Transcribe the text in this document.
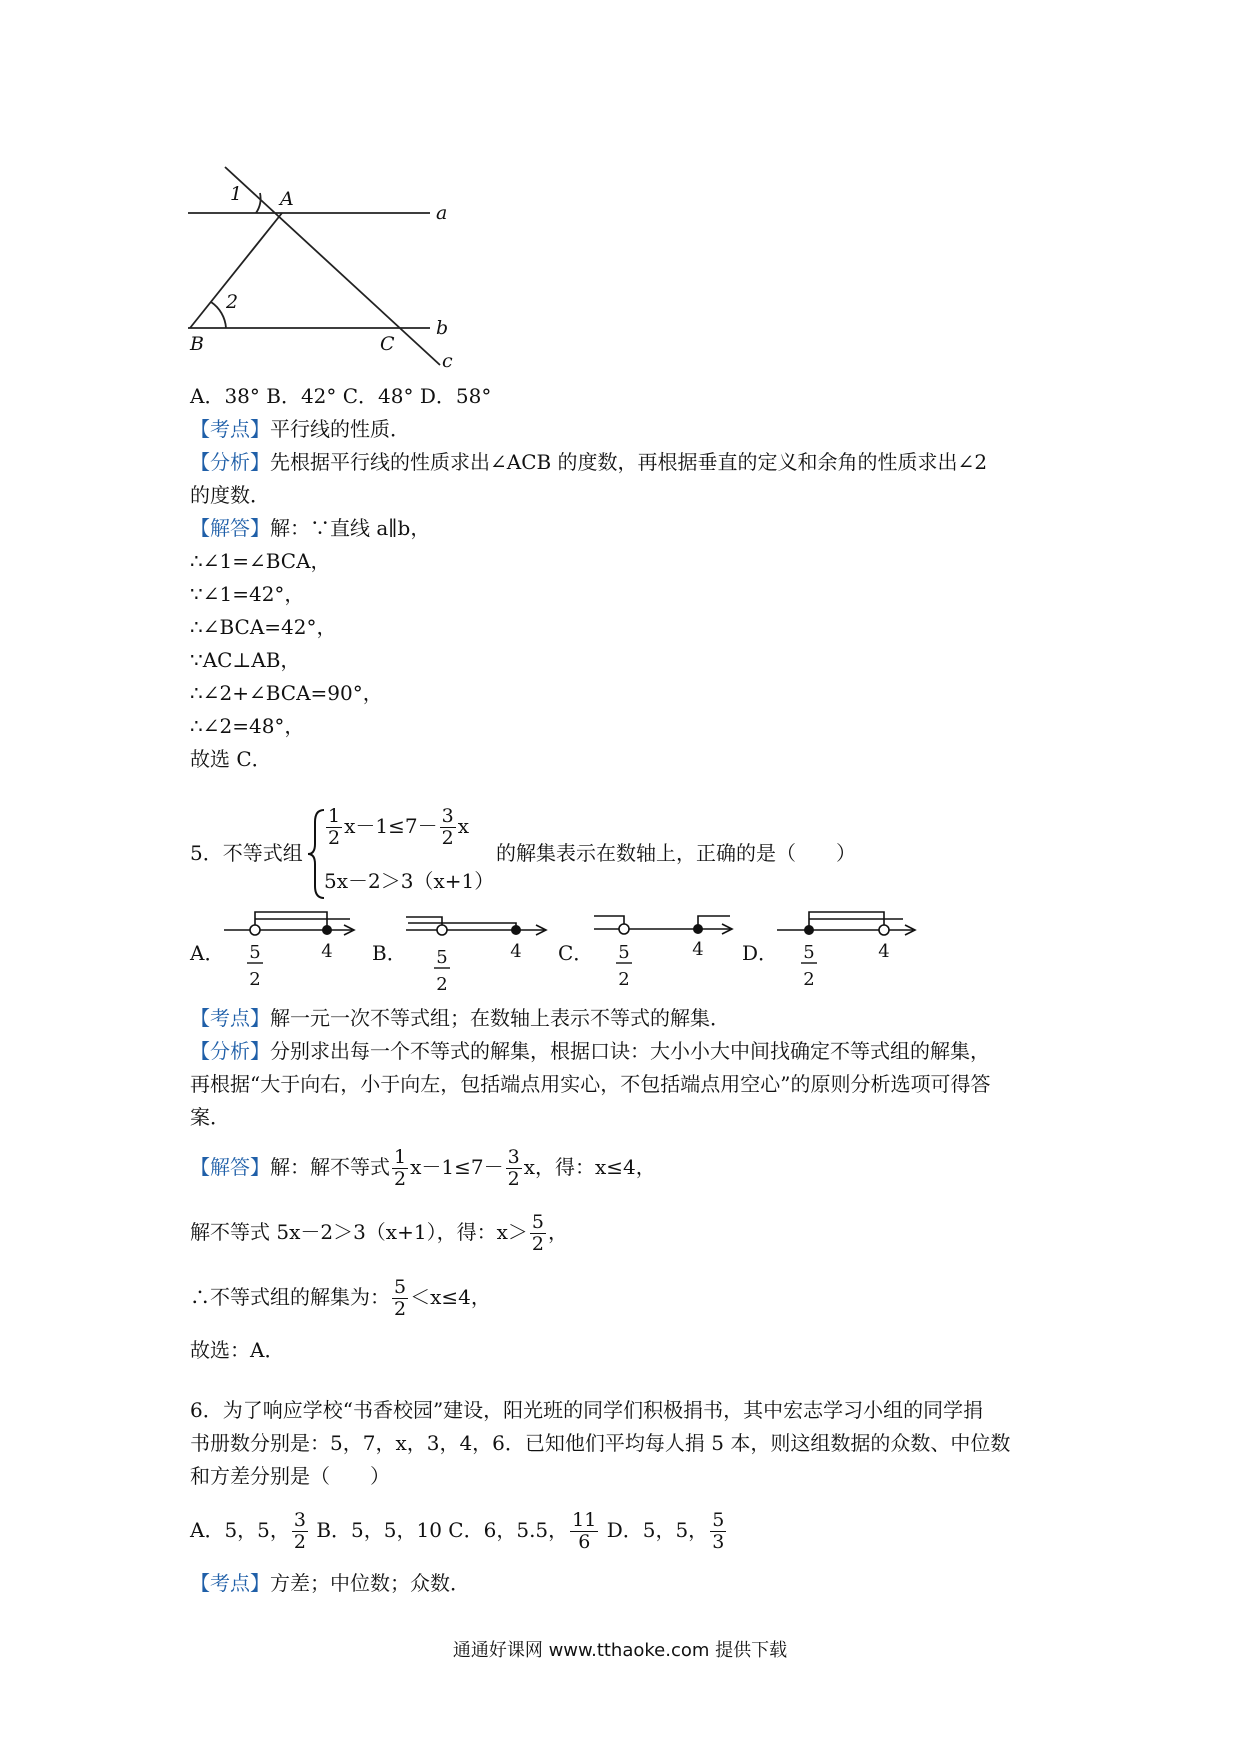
1 A
a
2
B	C
b
c
A．38° B．42° C．48° D．58°
【考点】平行线的性质．
【分析】先根据平行线的性质求出∠ACB 的度数，再根据垂直的定义和余角的性质求出∠2
的度数．
【解答】解：∵直线 a∥b，
∴∠1=∠BCA，
∵∠1=42°，
∴∠BCA=42°，
∵AC⊥AB，
∴∠2+∠BCA=90°，
∴∠2=48°，
故选 C．
5．不等式组
$\frac{1}{2} x-1\le 7- \frac{3}{2}$ x
5x－2＞3（x+1）
的解集表示在数轴上，正确的是（　　）
A．	4
5
2
B．	4
5
2
C．	4
5
2
D．	4
5
2
【考点】解一元一次不等式组；在数轴上表示不等式的解集．
【分析】分别求出每一个不等式的解集，根据口诀：大小小大中间找确定不等式组的解集，
再根据“大于向右，小于向左，包括端点用实心，不包括端点用空心”的原则分析选项可得答
案．
【解答】解：解不等式 $\frac{1}{2} x-1\le 7- \frac{3}{2}$ x，得：x≤4，
解不等式 5x－2＞3（x+1），得：$x> \frac{5}{2}$ ，
∴不等式组的解集为： $\frac{5}{2} <x\le 4$，
故选：A．
6．为了响应学校“书香校园”建设，阳光班的同学们积极捐书，其中宏志学习小组的同学捐
书册数分别是：5，7，x，3，4，6．已知他们平均每人捐 5 本，则这组数据的众数、中位数
和方差分别是（　　）
A．5，5， $\frac{3}{2}$ B．5，5，10 C．6，5.5， $\frac{11}{6}$ D．5，5， $\frac{5}{3}$
【考点】方差；中位数；众数．
通通好课网 www.tthaoke.com 提供下载
